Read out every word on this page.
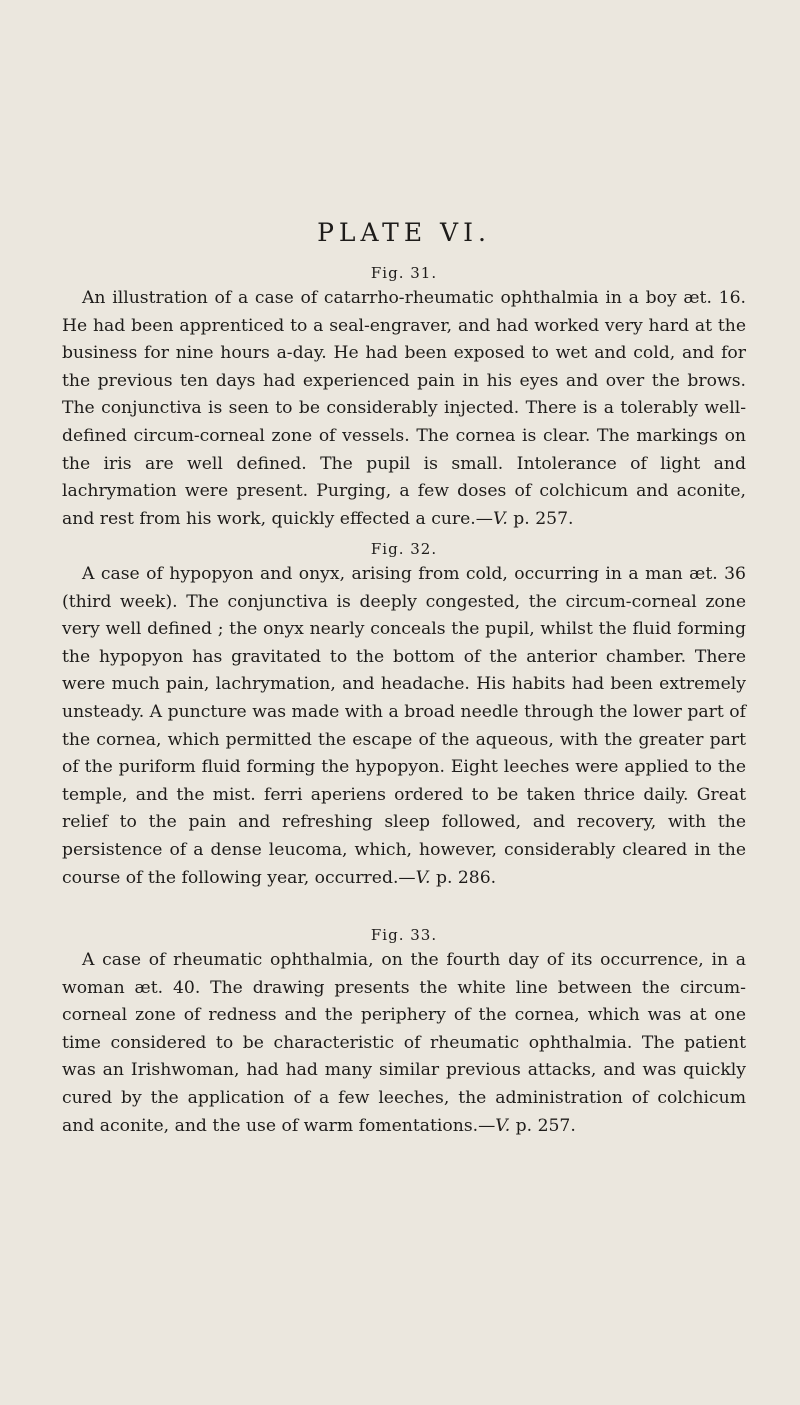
PLATE VI.

Fig. 31.

An illustration of a case of catarrho-rheumatic ophthalmia in a boy æt. 16. He had been apprenticed to a seal-engraver, and had worked very hard at the business for nine hours a-day. He had been exposed to wet and cold, and for the previous ten days had experienced pain in his eyes and over the brows. The conjunctiva is seen to be considerably injected. There is a tolerably well-defined circum-corneal zone of vessels. The cornea is clear. The markings on the iris are well defined. The pupil is small. Intolerance of light and lachrymation were present. Purging, a few doses of colchicum and aconite, and rest from his work, quickly effected a cure.—V. p. 257.

Fig. 32.

A case of hypopyon and onyx, arising from cold, occurring in a man æt. 36 (third week). The conjunctiva is deeply congested, the circum-corneal zone very well defined ; the onyx nearly conceals the pupil, whilst the fluid forming the hypopyon has gravitated to the bottom of the anterior chamber. There were much pain, lachrymation, and headache. His habits had been extremely unsteady. A puncture was made with a broad needle through the lower part of the cornea, which permitted the escape of the aqueous, with the greater part of the puriform fluid forming the hypopyon. Eight leeches were applied to the temple, and the mist. ferri aperiens ordered to be taken thrice daily. Great relief to the pain and refreshing sleep followed, and recovery, with the persistence of a dense leucoma, which, however, considerably cleared in the course of the following year, occurred.—V. p. 286.

Fig. 33.

A case of rheumatic ophthalmia, on the fourth day of its occurrence, in a woman æt. 40. The drawing presents the white line between the circum-corneal zone of redness and the periphery of the cornea, which was at one time considered to be characteristic of rheumatic ophthalmia. The patient was an Irishwoman, had had many similar previous attacks, and was quickly cured by the application of a few leeches, the administration of colchicum and aconite, and the use of warm fomentations.—V. p. 257.
